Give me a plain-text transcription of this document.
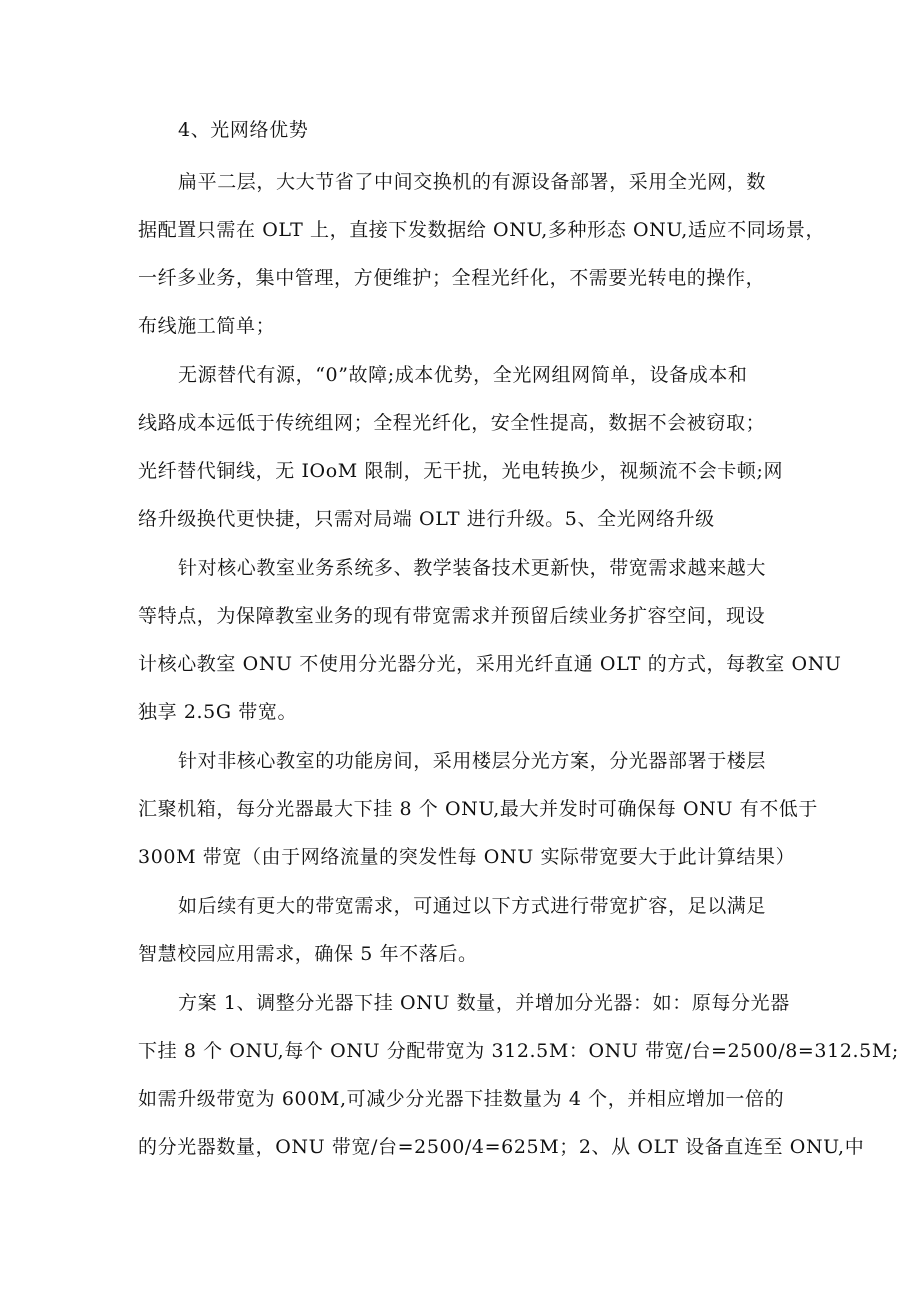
4、光网络优势
扁平二层，大大节省了中间交换机的有源设备部署，采用全光网，数
据配置只需在 OLT 上，直接下发数据给 ONU,多种形态 ONU,适应不同场景，
一纤多业务，集中管理，方便维护；全程光纤化，不需要光转电的操作，
布线施工简单；
无源替代有源，“0”故障;成本优势，全光网组网简单，设备成本和
线路成本远低于传统组网；全程光纤化，安全性提高，数据不会被窃取；
光纤替代铜线，无 IOoM 限制，无干扰，光电转换少，视频流不会卡顿;网
络升级换代更快捷，只需对局端 OLT 进行升级。5、全光网络升级
针对核心教室业务系统多、教学装备技术更新快，带宽需求越来越大
等特点，为保障教室业务的现有带宽需求并预留后续业务扩容空间，现设
计核心教室 ONU 不使用分光器分光，采用光纤直通 OLT 的方式，每教室 ONU
独享 2.5G 带宽。
针对非核心教室的功能房间，采用楼层分光方案，分光器部署于楼层
汇聚机箱，每分光器最大下挂 8 个 ONU,最大并发时可确保每 ONU 有不低于
300M 带宽（由于网络流量的突发性每 ONU 实际带宽要大于此计算结果）
如后续有更大的带宽需求，可通过以下方式进行带宽扩容，足以满足
智慧校园应用需求，确保 5 年不落后。
方案 1、调整分光器下挂 ONU 数量，并增加分光器：如：原每分光器
下挂 8 个 ONU,每个 ONU 分配带宽为 312.5M：ONU 带宽/台=2500/8=312.5M;
如需升级带宽为 600M,可减少分光器下挂数量为 4 个，并相应增加一倍的
的分光器数量，ONU 带宽/台=2500/4=625M；2、从 OLT 设备直连至 ONU,中
